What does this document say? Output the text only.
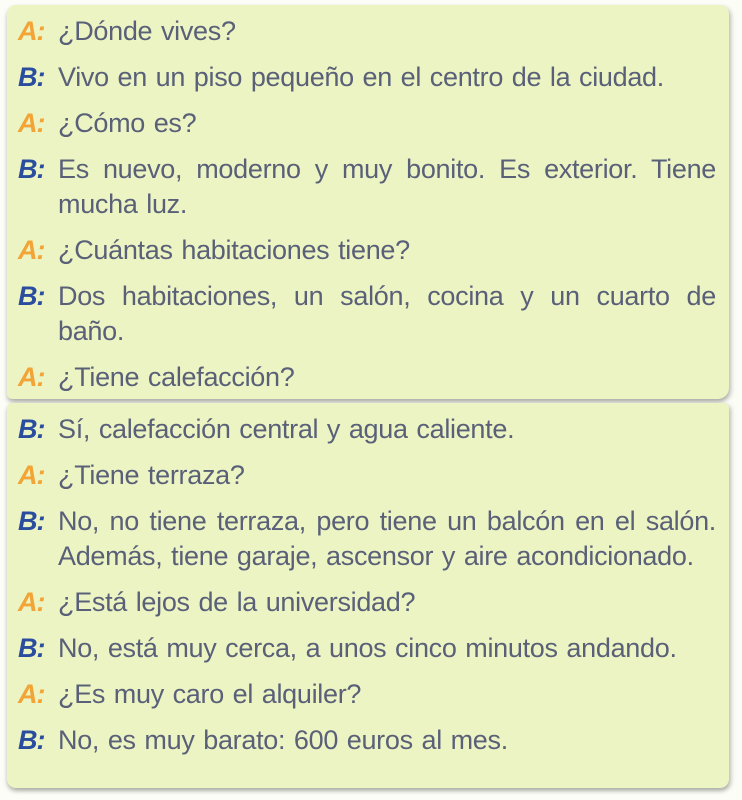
A: ¿Dónde vives?
B: Vivo en un piso pequeño en el centro de la ciudad.
A: ¿Cómo es?
B: Es nuevo, moderno y muy bonito. Es exterior. Tiene mucha luz.
A: ¿Cuántas habitaciones tiene?
B: Dos habitaciones, un salón, cocina y un cuarto de baño.
A: ¿Tiene calefacción?
B: Sí, calefacción central y agua caliente.
A: ¿Tiene terraza?
B: No, no tiene terraza, pero tiene un balcón en el salón. Además, tiene garaje, ascensor y aire acondicionado.
A: ¿Está lejos de la universidad?
B: No, está muy cerca, a unos cinco minutos andando.
A: ¿Es muy caro el alquiler?
B: No, es muy barato: 600 euros al mes.
